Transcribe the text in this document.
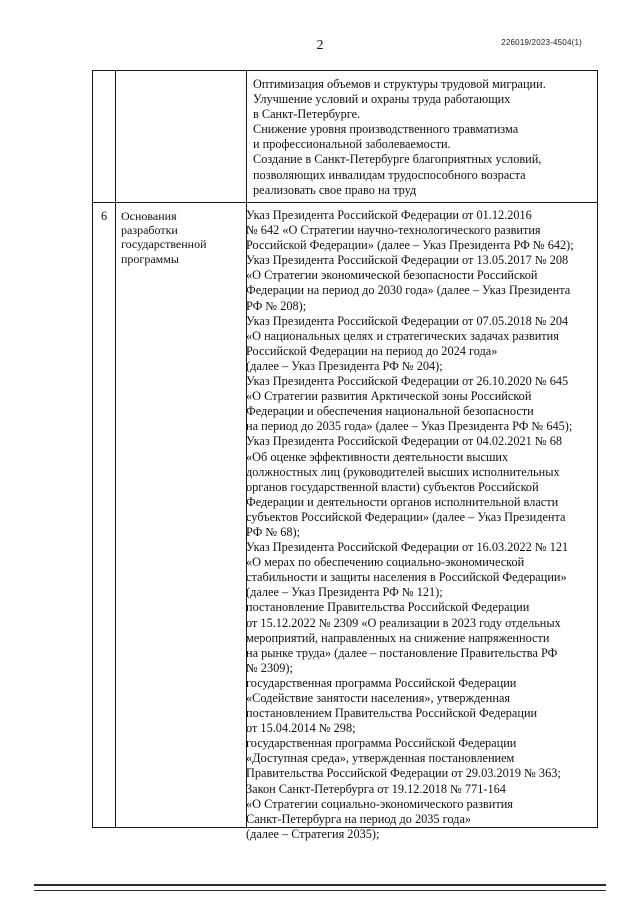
2	226019/2023-4504(1)
Оптимизация объемов и структуры трудовой миграции.
Улучшение условий и охраны труда работающих
в Санкт-Петербурге.
Снижение уровня производственного травматизма
и профессиональной заболеваемости.
Создание в Санкт-Петербурге благоприятных условий,
позволяющих инвалидам трудоспособного возраста
реализовать свое право на труд
6 Основания
разработки
государственной
программы
Указ Президента Российской Федерации от 01.12.2016
№ 642 «О Стратегии научно-технологического развития
Российской Федерации» (далее – Указ Президента РФ № 642);
Указ Президента Российской Федерации от 13.05.2017 № 208
«О Стратегии экономической безопасности Российской
Федерации на период до 2030 года» (далее – Указ Президента
РФ № 208);
Указ Президента Российской Федерации от 07.05.2018 № 204
«О национальных целях и стратегических задачах развития
Российской Федерации на период до 2024 года»
(далее – Указ Президента РФ № 204);
Указ Президента Российской Федерации от 26.10.2020 № 645
«О Стратегии развития Арктической зоны Российской
Федерации и обеспечения национальной безопасности
на период до 2035 года» (далее – Указ Президента РФ № 645);
Указ Президента Российской Федерации от 04.02.2021 № 68
«Об оценке эффективности деятельности высших
должностных лиц (руководителей высших исполнительных
органов государственной власти) субъектов Российской
Федерации и деятельности органов исполнительной власти
субъектов Российской Федерации» (далее – Указ Президента
РФ № 68);
Указ Президента Российской Федерации от 16.03.2022 № 121
«О мерах по обеспечению социально-экономической
стабильности и защиты населения в Российской Федерации»
(далее – Указ Президента РФ № 121);
постановление Правительства Российской Федерации
от 15.12.2022 № 2309 «О реализации в 2023 году отдельных
мероприятий, направленных на снижение напряженности
на рынке труда» (далее – постановление Правительства РФ
№ 2309);
государственная программа Российской Федерации
«Содействие занятости населения», утвержденная
постановлением Правительства Российской Федерации
от 15.04.2014 № 298;
государственная программа Российской Федерации
«Доступная среда», утвержденная постановлением
Правительства Российской Федерации от 29.03.2019 № 363;
Закон Санкт-Петербурга от 19.12.2018 № 771-164
«О Стратегии социально-экономического развития
Санкт-Петербурга на период до 2035 года»
(далее – Стратегия 2035);
